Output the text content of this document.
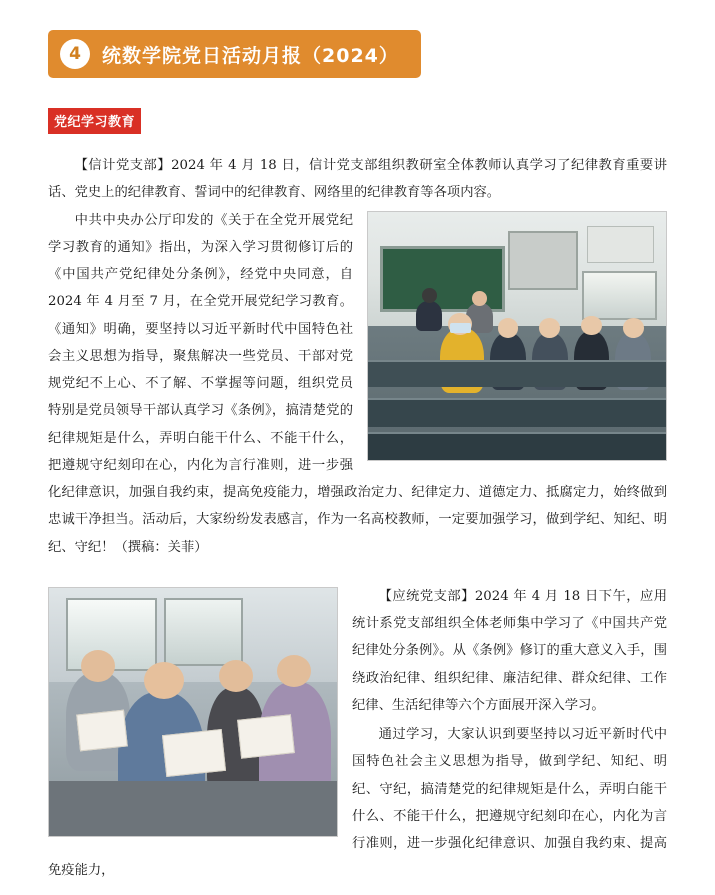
4	统数学院党日活动月报（2024）
党纪学习教育

【信计党支部】2024 年 4 月 18 日，信计党支部组织教研室全体教师认真学习了纪律教育重要讲话、党史上的纪律教育、誓词中的纪律教育、网络里的纪律教育等各项内容。

中共中央办公厅印发的《关于在全党开展党纪学习教育的通知》指出，为深入学习贯彻修订后的《中国共产党纪律处分条例》，经党中央同意，自 2024 年 4 月至 7 月，在全党开展党纪学习教育。《通知》明确，要坚持以习近平新时代中国特色社会主义思想为指导，聚焦解决一些党员、干部对党规党纪不上心、不了解、不掌握等问题，组织党员特别是党员领导干部认真学习《条例》，搞清楚党的纪律规矩是什么，弄明白能干什么、不能干什么，把遵规守纪刻印在心，内化为言行准则，进一步强化纪律意识，加强自我约束，提高免疫能力，增强政治定力、纪律定力、道德定力、抵腐定力，始终做到忠诚干净担当。活动后，大家纷纷发表感言，作为一名高校教师，一定要加强学习，做到学纪、知纪、明纪、守纪！（撰稿：关菲）

【应统党支部】2024 年 4 月 18 日下午，应用统计系党支部组织全体老师集中学习了《中国共产党纪律处分条例》。从《条例》修订的重大意义入手，围绕政治纪律、组织纪律、廉洁纪律、群众纪律、工作纪律、生活纪律等六个方面展开深入学习。

通过学习，大家认识到要坚持以习近平新时代中国特色社会主义思想为指导，做到学纪、知纪、明纪、守纪，搞清楚党的纪律规矩是什么，弄明白能干什么、不能干什么，把遵规守纪刻印在心，内化为言行准则，进一步强化纪律意识、加强自我约束、提高免疫能力，
